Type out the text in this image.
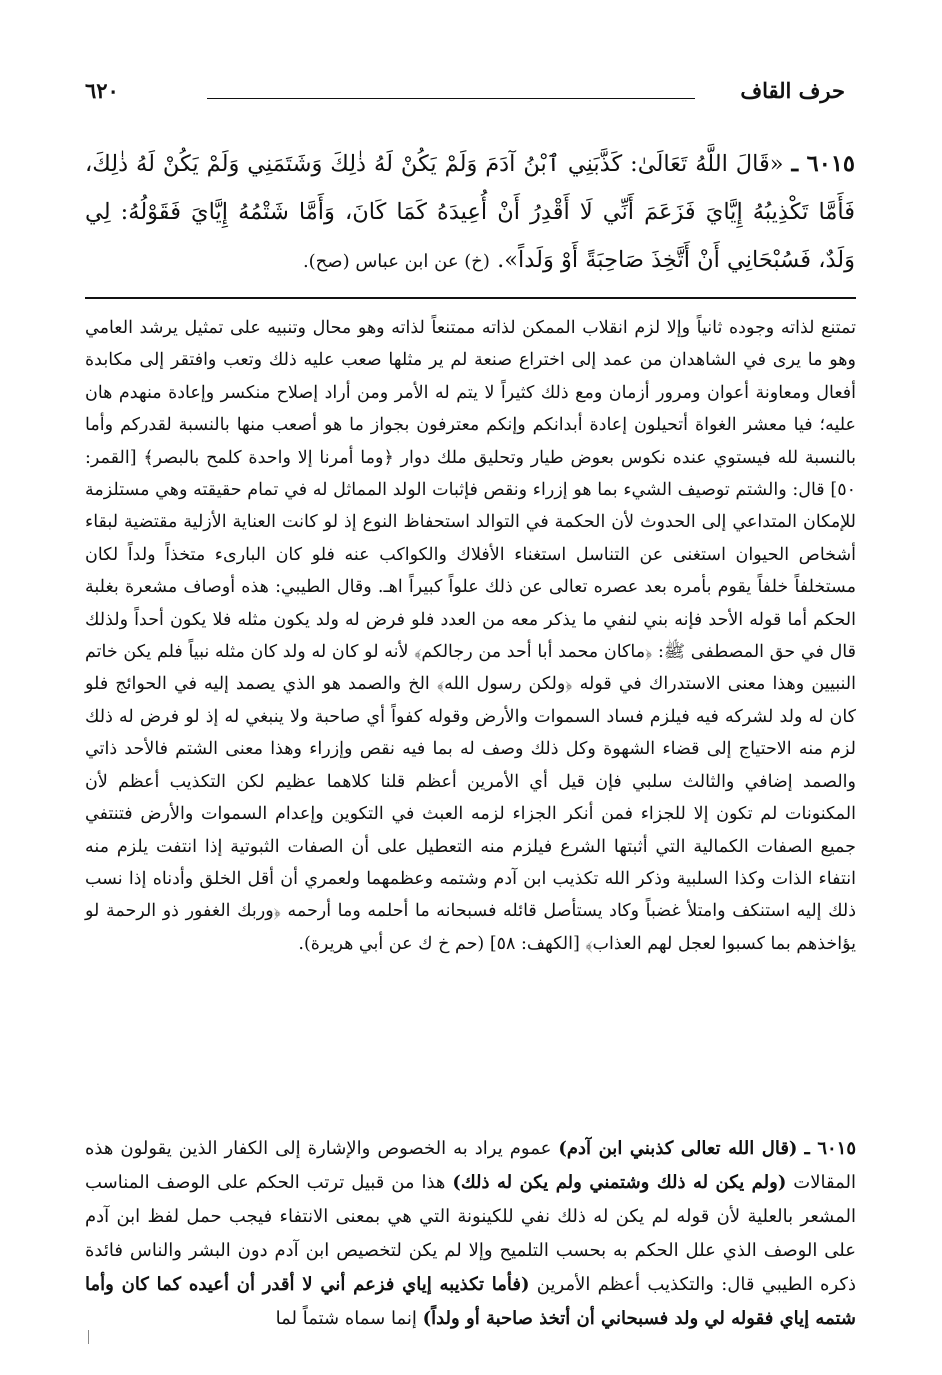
٦٢٠	حرف القاف
٦٠١٥ ـ «قَالَ اللَّهُ تَعَالَىٰ: كَذَّبَنِي ٱبْنُ آدَمَ وَلَمْ يَكُنْ لَهُ ذٰلِكَ وَشَتَمَنِي وَلَمْ يَكُنْ لَهُ ذٰلِكَ، فَأَمَّا تَكْذِيبُهُ إِيَّايَ فَزَعَمَ أَنِّي لَا أَقْدِرُ أَنْ أُعِيدَهُ كَمَا كَانَ، وَأَمَّا شَتْمُهُ إِيَّايَ فَقَوْلُهُ: لِي وَلَدٌ، فَسُبْحَانِي أَنْ أَتَّخِذَ صَاحِبَةً أَوْ وَلَداً». (خ) عن ابن عباس (صح).

تمتنع لذاته وجوده ثانياً وإلا لزم انقلاب الممكن لذاته ممتنعاً لذاته وهو محال وتنبيه على تمثيل يرشد العامي وهو ما يرى في الشاهدان من عمد إلى اختراع صنعة لم ير مثلها صعب عليه ذلك وتعب وافتقر إلى مكابدة أفعال ومعاونة أعوان ومرور أزمان ومع ذلك كثيراً لا يتم له الأمر ومن أراد إصلاح منكسر وإعادة منهدم هان عليه؛ فيا معشر الغواة أتحيلون إعادة أبدانكم وإنكم معترفون بجواز ما هو أصعب منها بالنسبة لقدركم وأما بالنسبة لله فيستوي عنده نكوس بعوض طيار وتحليق ملك دوار ﴿وما أمرنا إلا واحدة كلمح بالبصر﴾ [القمر: ٥٠] قال: والشتم توصيف الشيء بما هو إزراء ونقص فإثبات الولد المماثل له في تمام حقيقته وهي مستلزمة للإمكان المتداعي إلى الحدوث لأن الحكمة في التوالد استحفاظ النوع إذ لو كانت العناية الأزلية مقتضية لبقاء أشخاص الحيوان استغنى عن التناسل استغناء الأفلاك والكواكب عنه فلو كان البارىء متخذاً ولداً لكان مستخلفاً خلفاً يقوم بأمره بعد عصره تعالى عن ذلك علواً كبيراً اهـ. وقال الطيبي: هذه أوصاف مشعرة بغلبة الحكم أما قوله الأحد فإنه بني لنفي ما يذكر معه من العدد فلو فرض له ولد يكون مثله فلا يكون أحداً ولذلك قال في حق المصطفى ﷺ: ﴿ماكان محمد أبا أحد من رجالكم﴾ لأنه لو كان له ولد كان مثله نبياً فلم يكن خاتم النبيين وهذا معنى الاستدراك في قوله ﴿ولكن رسول الله﴾ الخ والصمد هو الذي يصمد إليه في الحوائج فلو كان له ولد لشركه فيه فيلزم فساد السموات والأرض وقوله كفواً أي صاحبة ولا ينبغي له إذ لو فرض له ذلك لزم منه الاحتياج إلى قضاء الشهوة وكل ذلك وصف له بما فيه نقص وإزراء وهذا معنى الشتم فالأحد ذاتي والصمد إضافي والثالث سلبي فإن قيل أي الأمرين أعظم قلنا كلاهما عظيم لكن التكذيب أعظم لأن المكنونات لم تكون إلا للجزاء فمن أنكر الجزاء لزمه العبث في التكوين وإعدام السموات والأرض فتنتفي جميع الصفات الكمالية التي أثبتها الشرع فيلزم منه التعطيل على أن الصفات الثبوتية إذا انتفت يلزم منه انتفاء الذات وكذا السلبية وذكر الله تكذيب ابن آدم وشتمه وعظمهما ولعمري أن أقل الخلق وأدناه إذا نسب ذلك إليه استنكف وامتلأ غضباً وكاد يستأصل قائله فسبحانه ما أحلمه وما أرحمه ﴿وربك الغفور ذو الرحمة لو يؤاخذهم بما كسبوا لعجل لهم العذاب﴾ [الكهف: ٥٨] (حم خ ك عن أبي هريرة).

٦٠١٥ ـ (قال الله تعالى كذبني ابن آدم) عموم يراد به الخصوص والإشارة إلى الكفار الذين يقولون هذه المقالات (ولم يكن له ذلك وشتمني ولم يكن له ذلك) هذا من قبيل ترتب الحكم على الوصف المناسب المشعر بالعلية لأن قوله لم يكن له ذلك نفي للكينونة التي هي بمعنى الانتفاء فيجب حمل لفظ ابن آدم على الوصف الذي علل الحكم به بحسب التلميح وإلا لم يكن لتخصيص ابن آدم دون البشر والناس فائدة ذكره الطيبي قال: والتكذيب أعظم الأمرين (فأما تكذيبه إياي فزعم أني لا أقدر أن أعيده كما كان وأما شتمه إياي فقوله لي ولد فسبحاني أن أتخذ صاحبة أو ولداً) إنما سماه شتماً لما
